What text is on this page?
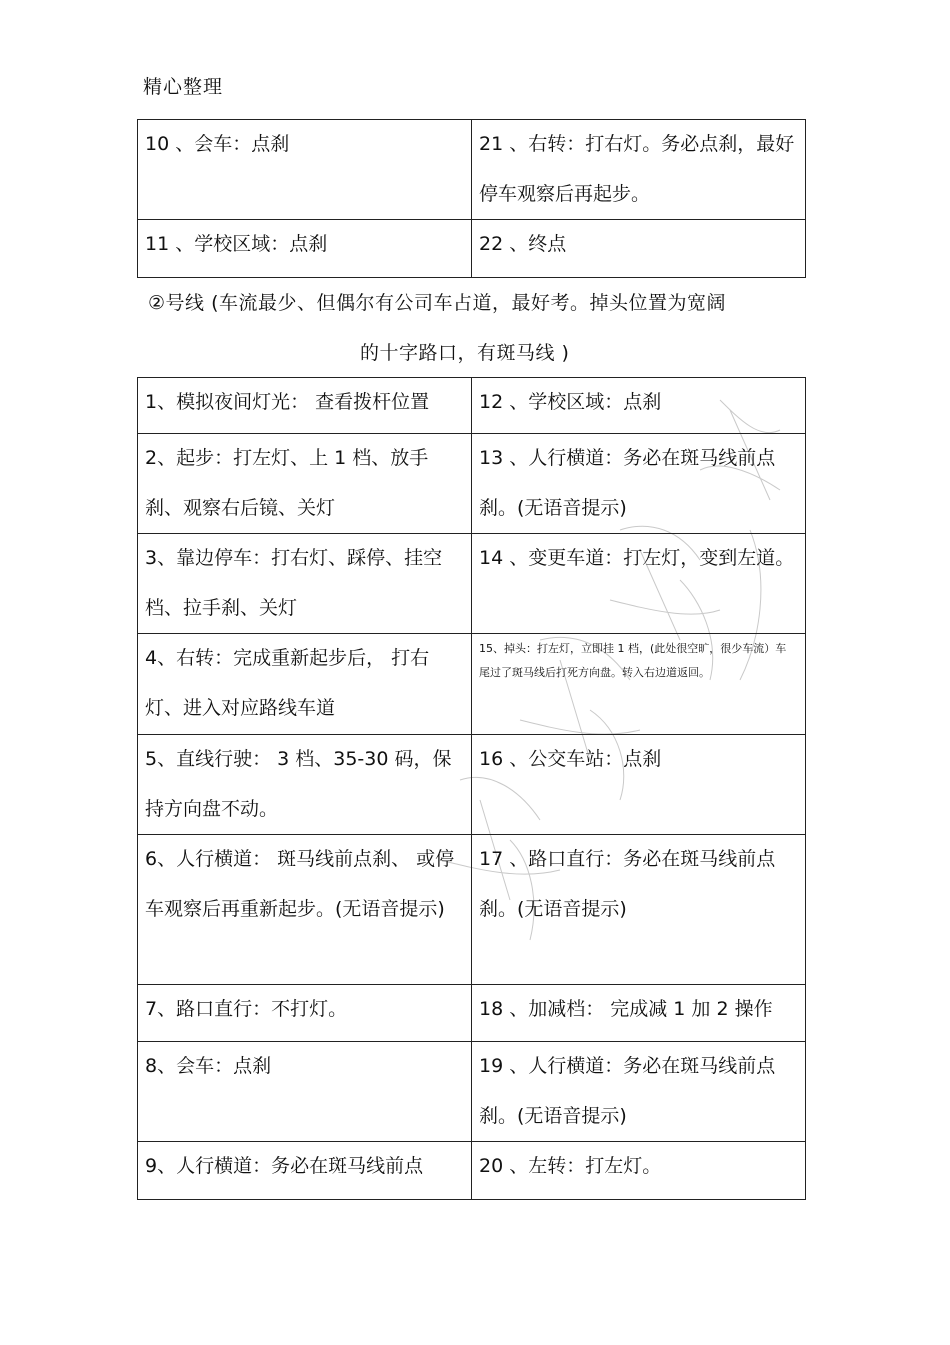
精心整理
10 、会车：点刹	21 、右转：打右灯。务必点刹，最好停车观察后再起步。

11 、学校区域：点刹	22 、终点
②号线 (车流最少、但偶尔有公司车占道，最好考。掉头位置为宽阔
的十字路口，有斑马线 )
1、模拟夜间灯光： 查看拨杆位置	12 、学校区域：点刹

2、起步：打左灯、上 1 档、放手刹、观察右后镜、关灯	13 、人行横道：务必在斑马线前点刹。(无语音提示)

3、靠边停车：打右灯、踩停、挂空档、拉手刹、关灯	14 、变更车道：打左灯，变到左道。

4、右转：完成重新起步后， 打右灯、进入对应路线车道	15、掉头：打左灯，立即挂 1 档，(此处很空旷，很少车流）车尾过了斑马线后打死方向盘。转入右边道返回。

5、直线行驶： 3 档、35-30 码，保持方向盘不动。	16 、公交车站：点刹

6、人行横道： 斑马线前点刹、 或停车观察后再重新起步。(无语音提示)	17 、路口直行：务必在斑马线前点刹。(无语音提示)

7、路口直行：不打灯。	18 、加减档： 完成减 1 加 2 操作

8、会车：点刹	19 、人行横道：务必在斑马线前点刹。(无语音提示)

9、人行横道：务必在斑马线前点	20 、左转：打左灯。
